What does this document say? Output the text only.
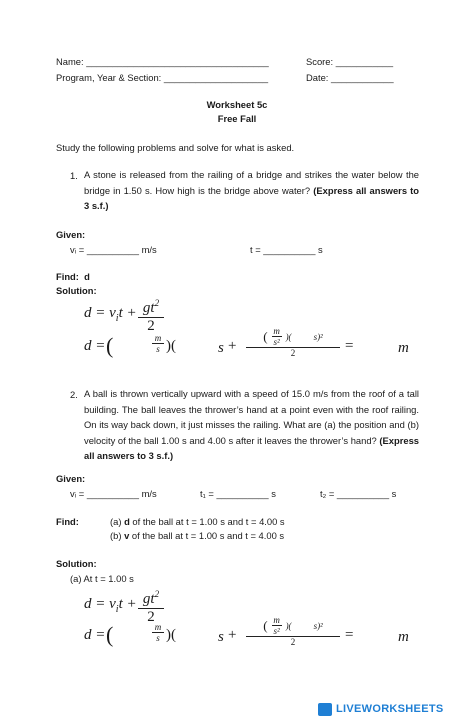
Name: ___________________________________	Score: ___________
Program, Year & Section: ____________________	Date: ____________
Worksheet 5c
Free Fall
Study the following problems and solve for what is asked.
1. A stone is released from the railing of a bridge and strikes the water below the bridge in 1.50 s. How high is the bridge above water? (Express all answers to 3 s.f.)
Given:
vᵢ = __________ m/s	t = __________ s
Find: d
Solution:
$d = v_it + gt^2$
2
d = (	m
s )(	s +
( m
s²
)( s)²
2	=	m
2. A ball is thrown vertically upward with a speed of 15.0 m/s from the roof of a tall building. The ball leaves the thrower’s hand at a point even with the roof railing. On its way back down, it just misses the railing. What are (a) the position and (b) velocity of the ball 1.00 s and 4.00 s after it leaves the thrower’s hand? (Express all answers to 3 s.f.)
Given:
vᵢ = __________ m/s	t₁ = __________ s	t₂ = __________ s
Find:	(a) d of the ball at t = 1.00 s and t = 4.00 s
(b) v of the ball at t = 1.00 s and t = 4.00 s
Solution:
(a) At t = 1.00 s
$d = v_it + gt^2$
2
d = (	m
s )(	s +
( m
s²
)( s)²
2	=	m
LIVEWORKSHEETS
